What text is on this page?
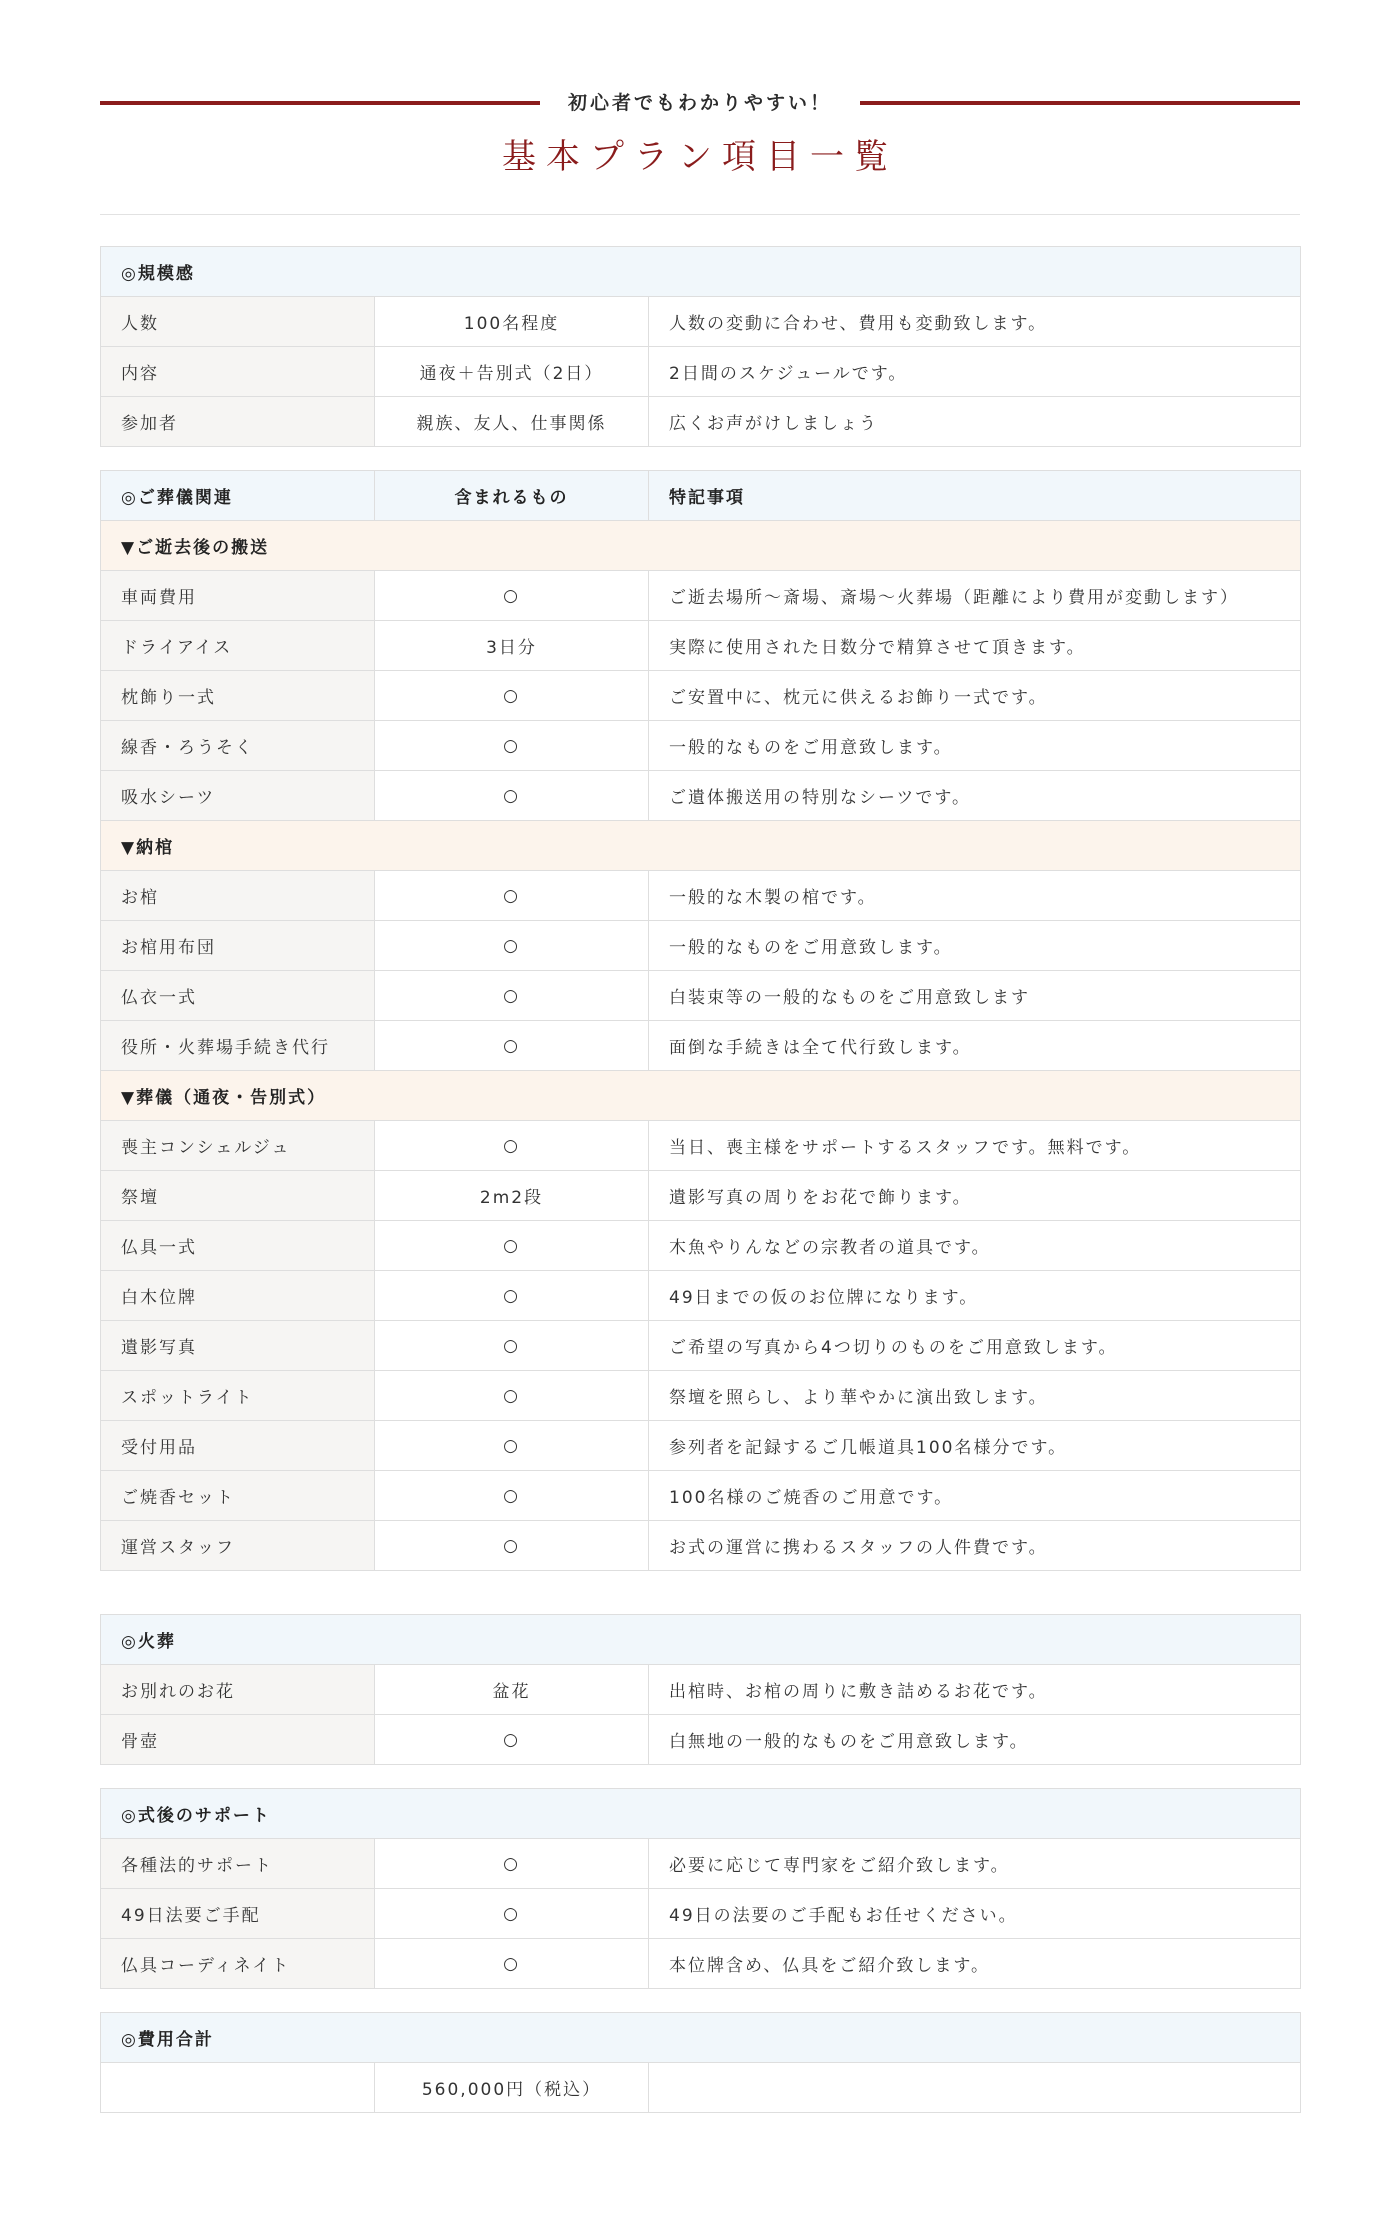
初心者でもわかりやすい！
基本プラン項目一覧
◎規模感		
人数	100名程度	人数の変動に合わせ、費用も変動致します。
内容	通夜＋告別式（2日）	2日間のスケジュールです。
参加者	親族、友人、仕事関係	広くお声がけしましょう
◎ご葬儀関連	含まれるもの	特記事項
▼ご逝去後の搬送		
車両費用	○	ご逝去場所〜斎場、斎場〜火葬場（距離により費用が変動します）
ドライアイス	3日分	実際に使用された日数分で精算させて頂きます。
枕飾り一式	○	ご安置中に、枕元に供えるお飾り一式です。
線香・ろうそく	○	一般的なものをご用意致します。
吸水シーツ	○	ご遺体搬送用の特別なシーツです。
▼納棺		
お棺	○	一般的な木製の棺です。
お棺用布団	○	一般的なものをご用意致します。
仏衣一式	○	白装束等の一般的なものをご用意致します
役所・火葬場手続き代行	○	面倒な手続きは全て代行致します。
▼葬儀（通夜・告別式）		
喪主コンシェルジュ	○	当日、喪主様をサポートするスタッフです。無料です。
祭壇	2m2段	遺影写真の周りをお花で飾ります。
仏具一式	○	木魚やりんなどの宗教者の道具です。
白木位牌	○	49日までの仮のお位牌になります。
遺影写真	○	ご希望の写真から4つ切りのものをご用意致します。
スポットライト	○	祭壇を照らし、より華やかに演出致します。
受付用品	○	参列者を記録するご几帳道具100名様分です。
ご焼香セット	○	100名様のご焼香のご用意です。
運営スタッフ	○	お式の運営に携わるスタッフの人件費です。
◎火葬		
お別れのお花	盆花	出棺時、お棺の周りに敷き詰めるお花です。
骨壺	○	白無地の一般的なものをご用意致します。
◎式後のサポート		
各種法的サポート	○	必要に応じて専門家をご紹介致します。
49日法要ご手配	○	49日の法要のご手配もお任せください。
仏具コーディネイト	○	本位牌含め、仏具をご紹介致します。
◎費用合計
	560,000円（税込）	
